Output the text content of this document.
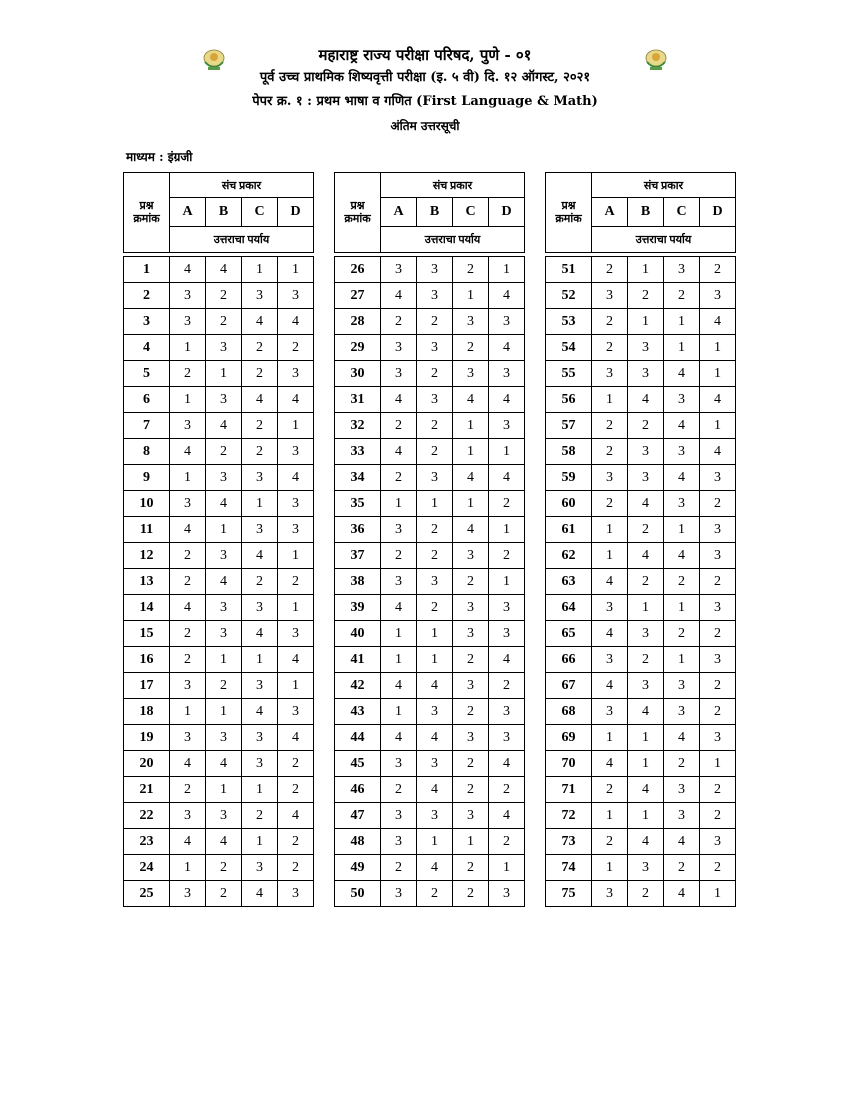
महाराष्ट्र राज्य परीक्षा परिषद, पुणे - ०१
पूर्व उच्च प्राथमिक शिष्यवृत्ती परीक्षा (इ. ५ वी) दि. १२ ऑगस्ट, २०२१
पेपर क्र. १ : प्रथम भाषा व गणित (First Language & Math)
अंतिम उत्तरसूची
माध्यम : इंग्रजी
प्रश्न
क्रमांक	संच प्रकार			
	A	B	C	D
	उत्तराचा पर्याय			

1	4	4	1	1
2	3	2	3	3
3	3	2	4	4
4	1	3	2	2
5	2	1	2	3
6	1	3	4	4
7	3	4	2	1
8	4	2	2	3
9	1	3	3	4
10	3	4	1	3
11	4	1	3	3
12	2	3	4	1
13	2	4	2	2
14	4	3	3	1
15	2	3	4	3
16	2	1	1	4
17	3	2	3	1
18	1	1	4	3
19	3	3	3	4
20	4	4	3	2
21	2	1	1	2
22	3	3	2	4
23	4	4	1	2
24	1	2	3	2
25	3	2	4	3
प्रश्न
क्रमांक	संच प्रकार			
	A	B	C	D
	उत्तराचा पर्याय			

26	3	3	2	1
27	4	3	1	4
28	2	2	3	3
29	3	3	2	4
30	3	2	3	3
31	4	3	4	4
32	2	2	1	3
33	4	2	1	1
34	2	3	4	4
35	1	1	1	2
36	3	2	4	1
37	2	2	3	2
38	3	3	2	1
39	4	2	3	3
40	1	1	3	3
41	1	1	2	4
42	4	4	3	2
43	1	3	2	3
44	4	4	3	3
45	3	3	2	4
46	2	4	2	2
47	3	3	3	4
48	3	1	1	2
49	2	4	2	1
50	3	2	2	3
प्रश्न
क्रमांक	संच प्रकार			
	A	B	C	D
	उत्तराचा पर्याय			

51	2	1	3	2
52	3	2	2	3
53	2	1	1	4
54	2	3	1	1
55	3	3	4	1
56	1	4	3	4
57	2	2	4	1
58	2	3	3	4
59	3	3	4	3
60	2	4	3	2
61	1	2	1	3
62	1	4	4	3
63	4	2	2	2
64	3	1	1	3
65	4	3	2	2
66	3	2	1	3
67	4	3	3	2
68	3	4	3	2
69	1	1	4	3
70	4	1	2	1
71	2	4	3	2
72	1	1	3	2
73	2	4	4	3
74	1	3	2	2
75	3	2	4	1
